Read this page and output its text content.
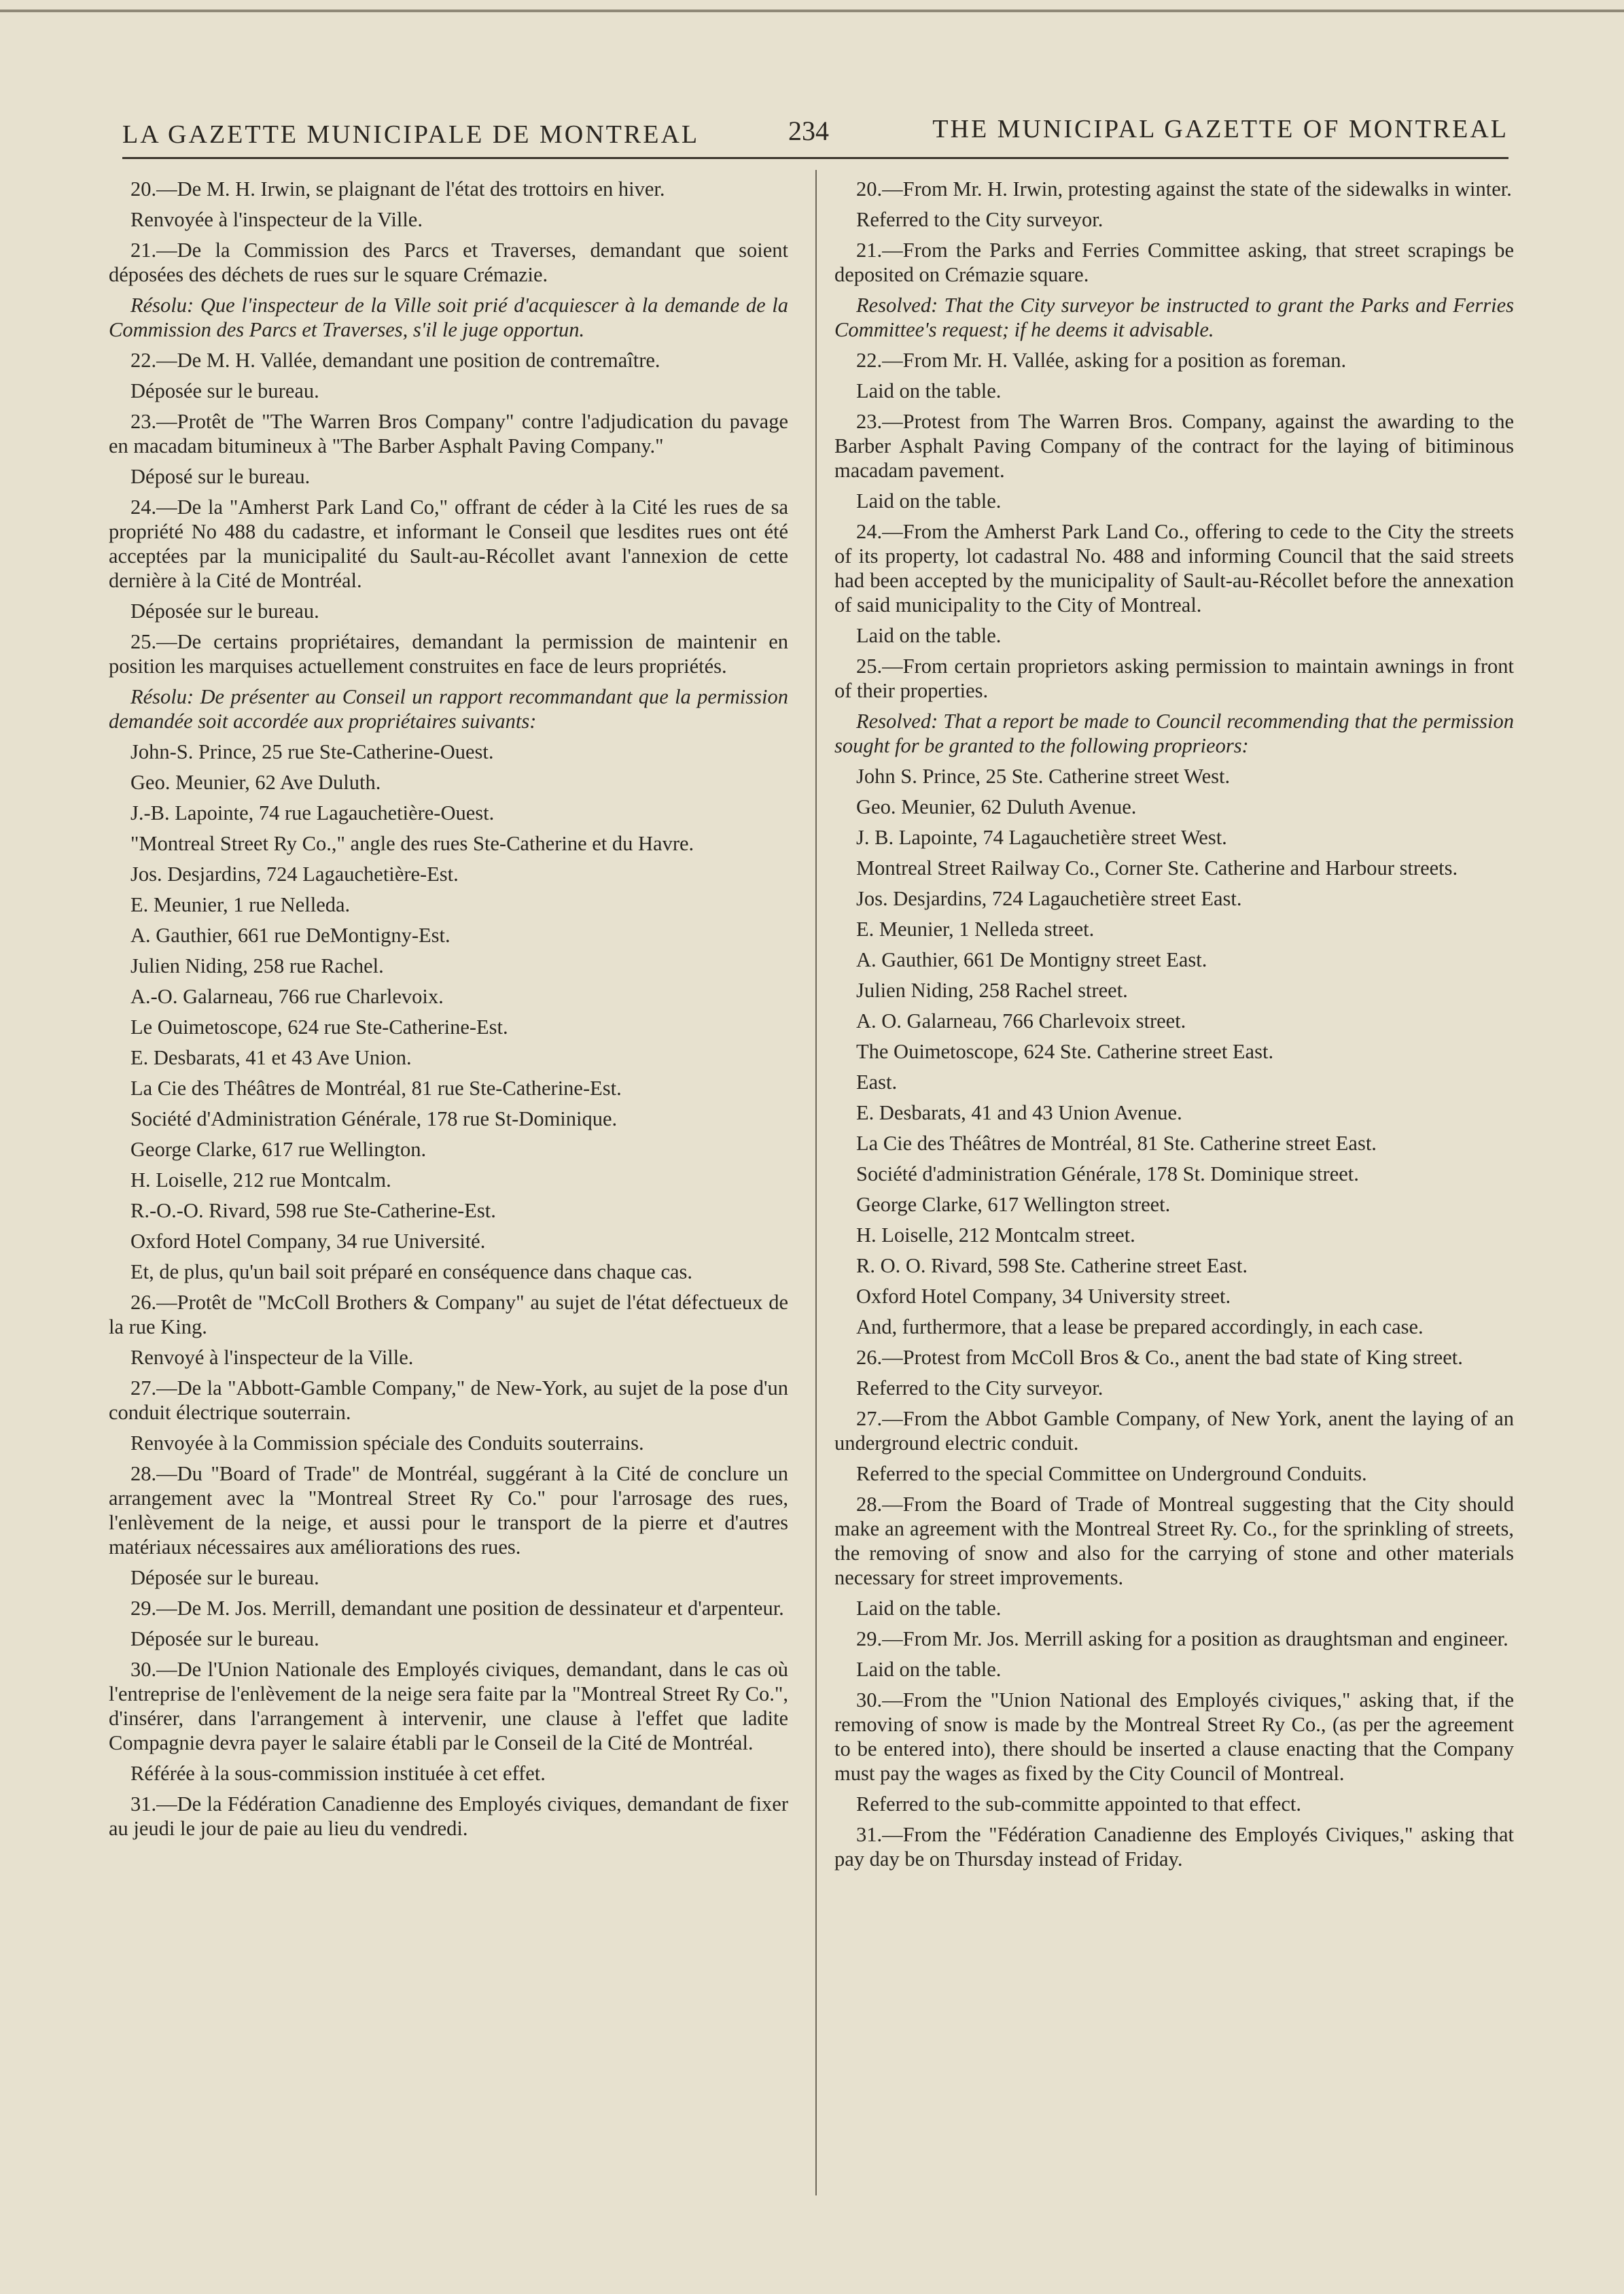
LA GAZETTE MUNICIPALE DE MONTREAL	234	THE MUNICIPAL GAZETTE OF MONTREAL

20.—De M. H. Irwin, se plaignant de l'état des trottoirs en hiver.

Renvoyée à l'inspecteur de la Ville.

21.—De la Commission des Parcs et Traverses, demandant que soient déposées des déchets de rues sur le square Crémazie.

Résolu: Que l'inspecteur de la Ville soit prié d'acquiescer à la demande de la Commission des Parcs et Traverses, s'il le juge opportun.

22.—De M. H. Vallée, demandant une position de contremaître.

Déposée sur le bureau.

23.—Protêt de "The Warren Bros Company" contre l'adjudication du pavage en macadam bitumineux à "The Barber Asphalt Paving Company."

Déposé sur le bureau.

24.—De la "Amherst Park Land Co," offrant de céder à la Cité les rues de sa propriété No 488 du cadastre, et informant le Conseil que lesdites rues ont été acceptées par la municipalité du Sault-au-Récollet avant l'annexion de cette dernière à la Cité de Montréal.

Déposée sur le bureau.

25.—De certains propriétaires, demandant la permission de maintenir en position les marquises actuellement construites en face de leurs propriétés.

Résolu: De présenter au Conseil un rapport recommandant que la permission demandée soit accordée aux propriétaires suivants:

John-S. Prince, 25 rue Ste-Catherine-Ouest.

Geo. Meunier, 62 Ave Duluth.

J.-B. Lapointe, 74 rue Lagauchetière-Ouest.

"Montreal Street Ry Co.," angle des rues Ste-Catherine et du Havre.

Jos. Desjardins, 724 Lagauchetière-Est.

E. Meunier, 1 rue Nelleda.

A. Gauthier, 661 rue DeMontigny-Est.

Julien Niding, 258 rue Rachel.

A.-O. Galarneau, 766 rue Charlevoix.

Le Ouimetoscope, 624 rue Ste-Catherine-Est.

E. Desbarats, 41 et 43 Ave Union.

La Cie des Théâtres de Montréal, 81 rue Ste-Catherine-Est.

Société d'Administration Générale, 178 rue St-Dominique.

George Clarke, 617 rue Wellington.

H. Loiselle, 212 rue Montcalm.

R.-O.-O. Rivard, 598 rue Ste-Catherine-Est.

Oxford Hotel Company, 34 rue Université.

Et, de plus, qu'un bail soit préparé en conséquence dans chaque cas.

26.—Protêt de "McColl Brothers & Company" au sujet de l'état défectueux de la rue King.

Renvoyé à l'inspecteur de la Ville.

27.—De la "Abbott-Gamble Company," de New-York, au sujet de la pose d'un conduit électrique souterrain.

Renvoyée à la Commission spéciale des Conduits souterrains.

28.—Du "Board of Trade" de Montréal, suggérant à la Cité de conclure un arrangement avec la "Montreal Street Ry Co." pour l'arrosage des rues, l'enlèvement de la neige, et aussi pour le transport de la pierre et d'autres matériaux nécessaires aux améliorations des rues.

Déposée sur le bureau.

29.—De M. Jos. Merrill, demandant une position de dessinateur et d'arpenteur.

Déposée sur le bureau.

30.—De l'Union Nationale des Employés civiques, demandant, dans le cas où l'entreprise de l'enlèvement de la neige sera faite par la "Montreal Street Ry Co.", d'insérer, dans l'arrangement à intervenir, une clause à l'effet que ladite Compagnie devra payer le salaire établi par le Conseil de la Cité de Montréal.

Référée à la sous-commission instituée à cet effet.

31.—De la Fédération Canadienne des Employés civiques, demandant de fixer au jeudi le jour de paie au lieu du vendredi.

20.—From Mr. H. Irwin, protesting against the state of the sidewalks in winter.

Referred to the City surveyor.

21.—From the Parks and Ferries Committee asking, that street scrapings be deposited on Crémazie square.

Resolved: That the City surveyor be instructed to grant the Parks and Ferries Committee's request; if he deems it advisable.

22.—From Mr. H. Vallée, asking for a position as foreman.

Laid on the table.

23.—Protest from The Warren Bros. Company, against the awarding to the Barber Asphalt Paving Company of the contract for the laying of bitiminous macadam pavement.

Laid on the table.

24.—From the Amherst Park Land Co., offering to cede to the City the streets of its property, lot cadastral No. 488 and informing Council that the said streets had been accepted by the municipality of Sault-au-Récollet before the annexation of said municipality to the City of Montreal.

Laid on the table.

25.—From certain proprietors asking permission to maintain awnings in front of their properties.

Resolved: That a report be made to Council recommending that the permission sought for be granted to the following proprieors:

John S. Prince, 25 Ste. Catherine street West.

Geo. Meunier, 62 Duluth Avenue.

J. B. Lapointe, 74 Lagauchetière street West.

Montreal Street Railway Co., Corner Ste. Catherine and Harbour streets.

Jos. Desjardins, 724 Lagauchetière street East.

E. Meunier, 1 Nelleda street.

A. Gauthier, 661 De Montigny street East.

Julien Niding, 258 Rachel street.

A. O. Galarneau, 766 Charlevoix street.

The Ouimetoscope, 624 Ste. Catherine street East.

East.

E. Desbarats, 41 and 43 Union Avenue.

La Cie des Théâtres de Montréal, 81 Ste. Catherine street East.

Société d'administration Générale, 178 St. Dominique street.

George Clarke, 617 Wellington street.

H. Loiselle, 212 Montcalm street.

R. O. O. Rivard, 598 Ste. Catherine street East.

Oxford Hotel Company, 34 University street.

And, furthermore, that a lease be prepared accordingly, in each case.

26.—Protest from McColl Bros & Co., anent the bad state of King street.

Referred to the City surveyor.

27.—From the Abbot Gamble Company, of New York, anent the laying of an underground electric conduit.

Referred to the special Committee on Underground Conduits.

28.—From the Board of Trade of Montreal suggesting that the City should make an agreement with the Montreal Street Ry. Co., for the sprinkling of streets, the removing of snow and also for the carrying of stone and other materials necessary for street improvements.

Laid on the table.

29.—From Mr. Jos. Merrill asking for a position as draughtsman and engineer.

Laid on the table.

30.—From the "Union National des Employés civiques," asking that, if the removing of snow is made by the Montreal Street Ry Co., (as per the agreement to be entered into), there should be inserted a clause enacting that the Company must pay the wages as fixed by the City Council of Montreal.

Referred to the sub-committe appointed to that effect.

31.—From the "Fédération Canadienne des Employés Civiques," asking that pay day be on Thursday instead of Friday.
